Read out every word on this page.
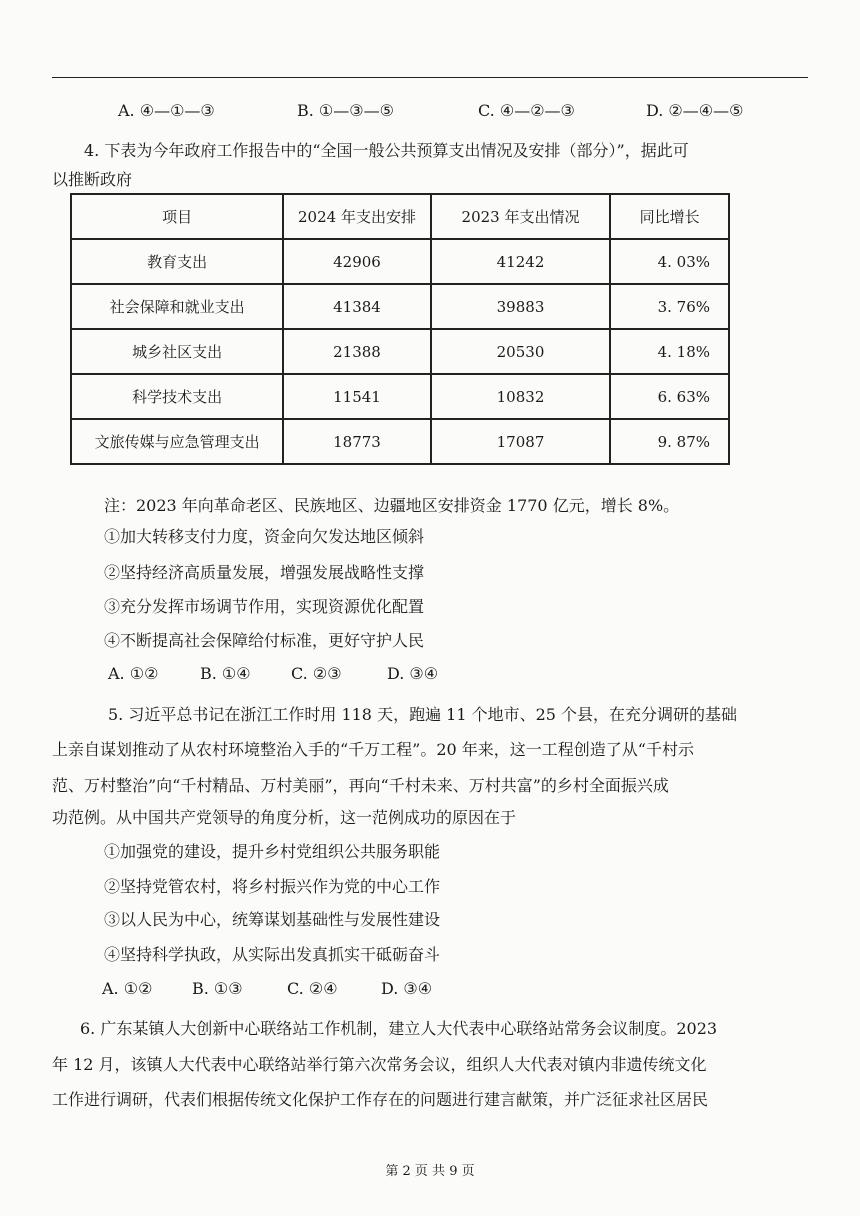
A. ④—①—③	B. ①—③—⑤	C. ④—②—③	D. ②—④—⑤
4. 下表为今年政府工作报告中的“全国一般公共预算支出情况及安排（部分）”，据此可
以推断政府
项目	2024 年支出安排	2023 年支出情况	同比增长
教育支出	42906	41242	4. 03%
社会保障和就业支出	41384	39883	3. 76%
城乡社区支出	21388	20530	4. 18%
科学技术支出	11541	10832	6. 63%
文旅传媒与应急管理支出	18773	17087	9. 87%
注：2023 年向革命老区、民族地区、边疆地区安排资金 1770 亿元，增长 8%。
①加大转移支付力度，资金向欠发达地区倾斜
②坚持经济高质量发展，增强发展战略性支撑
③充分发挥市场调节作用，实现资源优化配置
④不断提高社会保障给付标准，更好守护人民
A. ①②	B. ①④	C. ②③	D. ③④
5. 习近平总书记在浙江工作时用 118 天，跑遍 11 个地市、25 个县，在充分调研的基础
上亲自谋划推动了从农村环境整治入手的“千万工程”。20 年来，这一工程创造了从“千村示
范、万村整治”向“千村精品、万村美丽”，再向“千村未来、万村共富”的乡村全面振兴成
功范例。从中国共产党领导的角度分析，这一范例成功的原因在于
①加强党的建设，提升乡村党组织公共服务职能
②坚持党管农村，将乡村振兴作为党的中心工作
③以人民为中心，统筹谋划基础性与发展性建设
④坚持科学执政，从实际出发真抓实干砥砺奋斗
A. ①② B. ①③	C. ②④	D. ③④
6. 广东某镇人大创新中心联络站工作机制，建立人大代表中心联络站常务会议制度。2023
年 12 月，该镇人大代表中心联络站举行第六次常务会议，组织人大代表对镇内非遗传统文化
工作进行调研，代表们根据传统文化保护工作存在的问题进行建言献策，并广泛征求社区居民
第 2 页 共 9 页
